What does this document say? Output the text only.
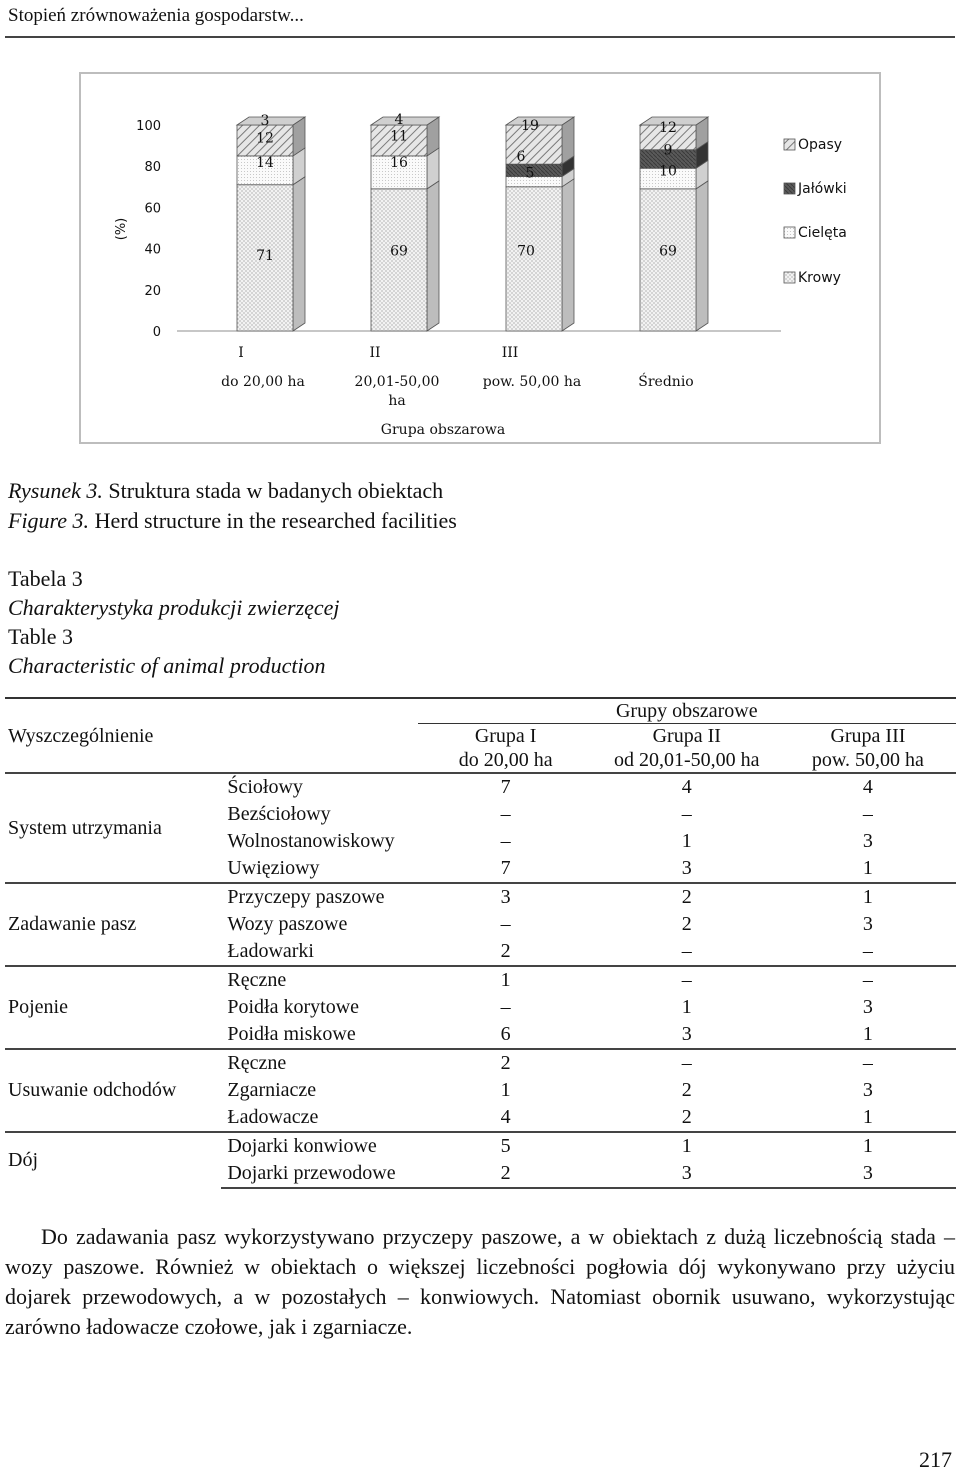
Stopień zrównoważenia gospodarstw...
0
20
40
60
80
100
(%)
71
14
12
3
I
do 20,00 ha
69
16
11
4
II
20,01-50,00
ha
70
5
6
19
III
pow. 50,00 ha
69
10
9
12
Średnio
Grupa obszarowa
Opasy
Jałówki
Cielęta
Krowy
Rysunek 3. Struktura stada w badanych obiektach
Figure 3. Herd structure in the researched facilities
Tabela 3
Charakterystyka produkcji zwierzęcej
Table 3
Characteristic of animal production
		Grupy obszarowe		
Wyszczególnienie		Grupa I	Grupa II	Grupa III
		do 20,00 ha	od 20,01-50,00 ha	pow. 50,00 ha
System utrzymania	Ściołowy	7	4	4
	Bezściołowy	–	–	–
	Wolnostanowiskowy	–	1	3
	Uwięziowy	7	3	1
Zadawanie pasz	Przyczepy paszowe	3	2	1
	Wozy paszowe	–	2	3
	Ładowarki	2	–	–
Pojenie	Ręczne	1	–	–
	Poidła korytowe	–	1	3
	Poidła miskowe	6	3	1
Usuwanie odchodów	Ręczne	2	–	–
	Zgarniacze	1	2	3
	Ładowacze	4	2	1
Dój	Dojarki konwiowe	5	1	1
	Dojarki przewodowe	2	3	3
Do zadawania pasz wykorzystywano przyczepy paszowe, a w obiektach z dużą liczebnością stada – wozy paszowe. Również w obiektach o większej liczebności pogłowia dój wykonywano przy użyciu dojarek przewodowych, a w pozostałych – konwiowych. Natomiast obornik usuwano, wykorzystując zarówno ładowacze czołowe, jak i zgarniacze.
217
